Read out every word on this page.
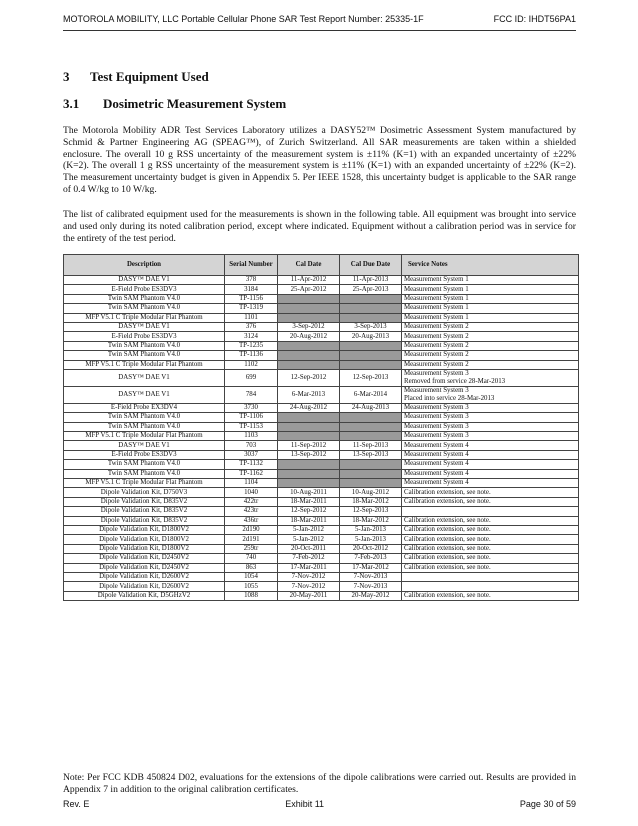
MOTOROLA MOBILITY, LLC Portable Cellular Phone SAR Test Report Number: 25335-1F	FCC ID: IHDT56PA1
3 Test Equipment Used
3.1 Dosimetric Measurement System
The Motorola Mobility ADR Test Services Laboratory utilizes a DASY52™ Dosimetric Assessment System manufactured by Schmid & Partner Engineering AG (SPEAG™), of Zurich Switzerland. All SAR measurements are taken within a shielded enclosure. The overall 10 g RSS uncertainty of the measurement system is ±11% (K=1) with an expanded uncertainty of ±22% (K=2). The overall 1 g RSS uncertainty of the measurement system is ±11% (K=1) with an expanded uncertainty of ±22% (K=2). The measurement uncertainty budget is given in Appendix 5. Per IEEE 1528, this uncertainty budget is applicable to the SAR range of 0.4 W/kg to 10 W/kg.
The list of calibrated equipment used for the measurements is shown in the following table. All equipment was brought into service and used only during its noted calibration period, except where indicated. Equipment without a calibration period was in service for the entirety of the test period.
Description	Serial Number	Cal Date	Cal Due Date	Service Notes
DASY™ DAE V1	378	11-Apr-2012	11-Apr-2013	Measurement System 1
E-Field Probe ES3DV3	3184	25-Apr-2012	25-Apr-2013	Measurement System 1
Twin SAM Phantom V4.0	TP-1156			Measurement System 1
Twin SAM Phantom V4.0	TP-1319			Measurement System 1
MFP V5.1 C Triple Modular Flat Phantom	1101			Measurement System 1
DASY™ DAE V1	376	3-Sep-2012	3-Sep-2013	Measurement System 2
E-Field Probe ES3DV3	3124	20-Aug-2012	20-Aug-2013	Measurement System 2
Twin SAM Phantom V4.0	TP-1235			Measurement System 2
Twin SAM Phantom V4.0	TP-1136			Measurement System 2
MFP V5.1 C Triple Modular Flat Phantom	1102			Measurement System 2
DASY™ DAE V1	699	12-Sep-2012	12-Sep-2013	Measurement System 3
Removed from service 28-Mar-2013

DASY™ DAE V1	784	6-Mar-2013	6-Mar-2014	Measurement System 3
Placed into service 28-Mar-2013

E-Field Probe EX3DV4	3730	24-Aug-2012	24-Aug-2013	Measurement System 3
Twin SAM Phantom V4.0	TP-1106			Measurement System 3
Twin SAM Phantom V4.0	TP-1153			Measurement System 3
MFP V5.1 C Triple Modular Flat Phantom	1103			Measurement System 3
DASY™ DAE V1	703	11-Sep-2012	11-Sep-2013	Measurement System 4
E-Field Probe ES3DV3	3037	13-Sep-2012	13-Sep-2013	Measurement System 4
Twin SAM Phantom V4.0	TP-1132			Measurement System 4
Twin SAM Phantom V4.0	TP-1162			Measurement System 4
MFP V5.1 C Triple Modular Flat Phantom	1104			Measurement System 4
Dipole Validation Kit, D750V3	1040	10-Aug-2011	10-Aug-2012	Calibration extension, see note.
Dipole Validation Kit, D835V2	422tr	18-Mar-2011	18-Mar-2012	Calibration extension, see note.
Dipole Validation Kit, D835V2	423tr	12-Sep-2012	12-Sep-2013	
Dipole Validation Kit, D835V2	436tr	18-Mar-2011	18-Mar-2012	Calibration extension, see note.
Dipole Validation Kit, D1800V2	2d190	5-Jan-2012	5-Jan-2013	Calibration extension, see note.
Dipole Validation Kit, D1800V2	2d191	5-Jan-2012	5-Jan-2013	Calibration extension, see note.
Dipole Validation Kit, D1800V2	259tr	20-Oct-2011	20-Oct-2012	Calibration extension, see note.
Dipole Validation Kit, D2450V2	740	7-Feb-2012	7-Feb-2013	Calibration extension, see note.
Dipole Validation Kit, D2450V2	863	17-Mar-2011	17-Mar-2012	Calibration extension, see note.
Dipole Validation Kit, D2600V2	1054	7-Nov-2012	7-Nov-2013	
Dipole Validation Kit, D2600V2	1055	7-Nov-2012	7-Nov-2013	
Dipole Validation Kit, D5GHzV2	1088	20-May-2011	20-May-2012	Calibration extension, see note.
Note: Per FCC KDB 450824 D02, evaluations for the extensions of the dipole calibrations were carried out. Results are provided in Appendix 7 in addition to the original calibration certificates.
Rev. E	Exhibit 11	Page 30 of 59
